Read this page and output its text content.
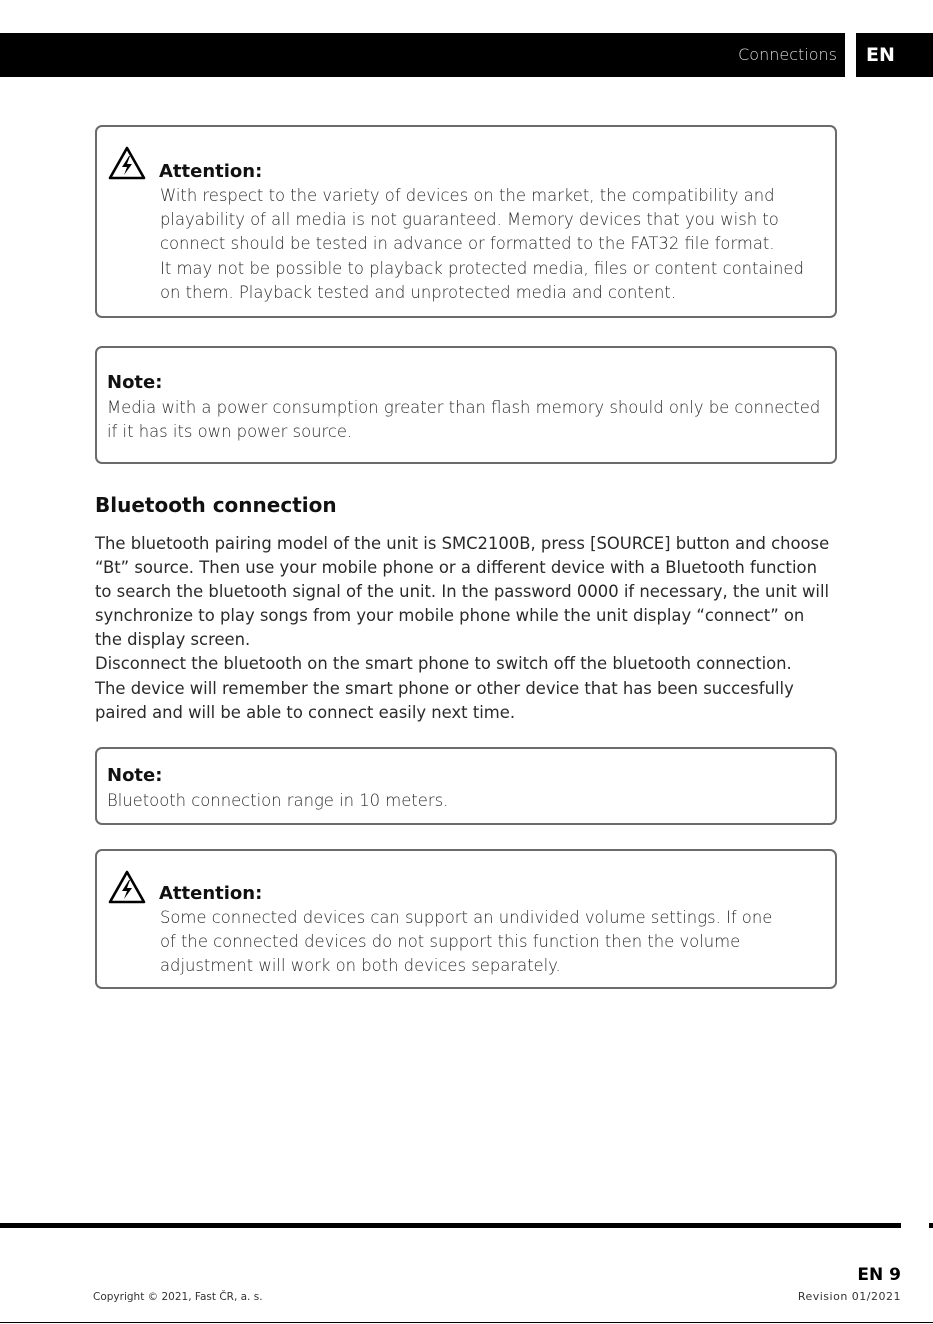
Connections	EN
Attention:
With respect to the variety of devices on the market, the compatibility and
playability of all media is not guaranteed. Memory devices that you wish to
connect should be tested in advance or formatted to the FAT32 file format.
It may not be possible to playback protected media, files or content contained
on them. Playback tested and unprotected media and content.
Note:
Media with a power consumption greater than flash memory should only be connected
if it has its own power source.
Bluetooth connection
The bluetooth pairing model of the unit is SMC2100B, press [SOURCE] button and choose
“Bt” source. Then use your mobile phone or a different device with a Bluetooth function
to search the bluetooth signal of the unit. In the password 0000 if necessary, the unit will
synchronize to play songs from your mobile phone while the unit display “connect” on
the display screen.
Disconnect the bluetooth on the smart phone to switch off the bluetooth connection.
The device will remember the smart phone or other device that has been succesfully
paired and will be able to connect easily next time.
Note:
Bluetooth connection range in 10 meters.
Attention:
Some connected devices can support an undivided volume settings. If one
of the connected devices do not support this function then the volume
adjustment will work on both devices separately.
EN 9
Revision 01/2021
Copyright © 2021, Fast ČR, a. s.
